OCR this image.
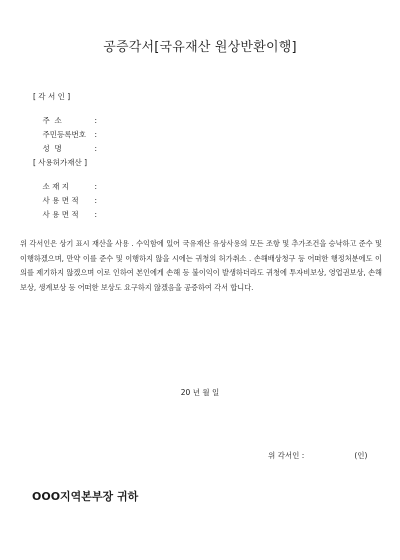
공증각서[국유재산 원상반환이행]
[ 각 서 인 ]

주  소	:

주민등록번호 :

성  명	:

[ 사용허가재산 ]

소 재 지	:

사 용 면 적 :

사 용 면 적 :

위 각서인은 상기 표시 재산을 사용 . 수익함에 있어 국유재산 유상사용의 모든 조항 및 추가조건을 승낙하고 준수 및 이행하겠으며, 만약 이를 준수 및 이행하지 않을 시에는 귀청의 허가취소 . 손해배상청구 등 어떠한 행정처분에도 이의를 제기하지 않겠으며 이로 인하여 본인에게 손해 등 불이익이 발생하더라도 귀청에 투자비보상, 영업권보상, 손해보상, 생계보상 등 어떠한 보상도 요구하지 않겠음을 공증하여 각서 합니다.
20 년 월 일
위 각서인 :                     (인)
OOO지역본부장 귀하
